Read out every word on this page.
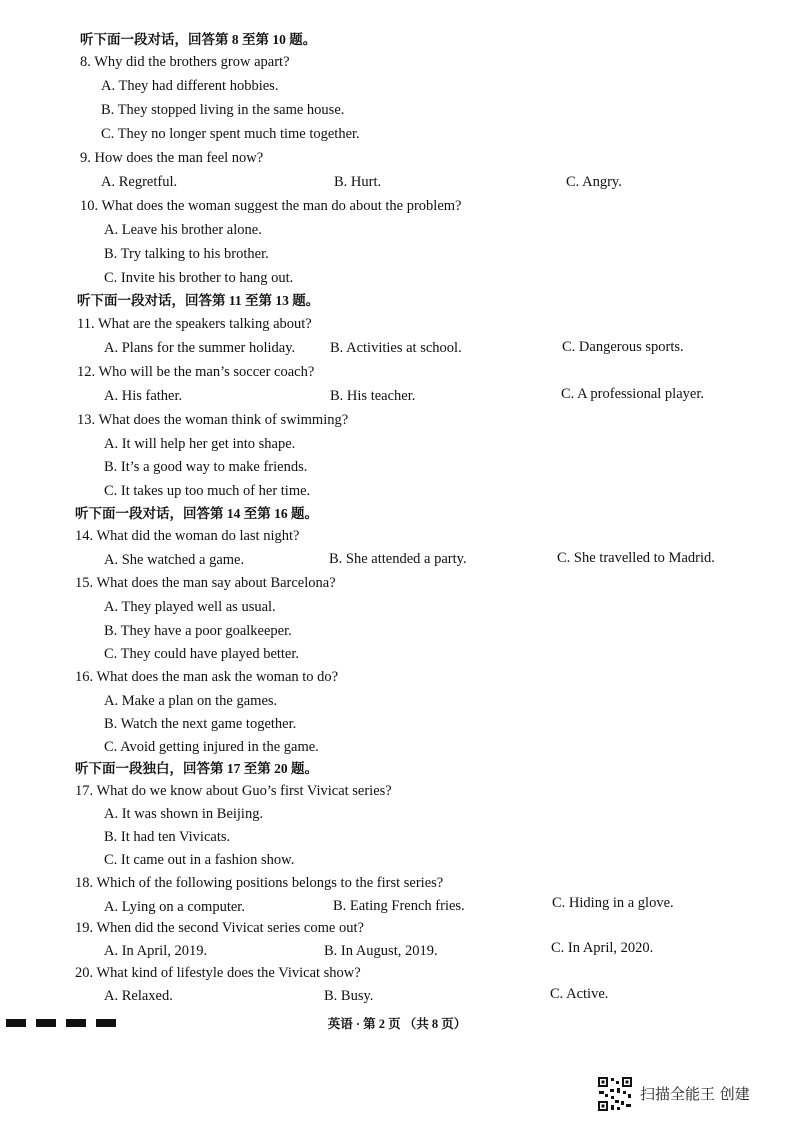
听下面一段对话，回答第 8 至第 10 题。
8. Why did the brothers grow apart?
A. They had different hobbies.
B. They stopped living in the same house.
C. They no longer spent much time together.
9. How does the man feel now?
A. Regretful.	B. Hurt.	C. Angry.
10. What does the woman suggest the man do about the problem?
A. Leave his brother alone.
B. Try talking to his brother.
C. Invite his brother to hang out.
听下面一段对话，回答第 11 至第 13 题。
11. What are the speakers talking about?
A. Plans for the summer holiday. B. Activities at school.	C. Dangerous sports.
12. Who will be the man’s soccer coach?
A. His father.	B. His teacher.	C. A professional player.
13. What does the woman think of swimming?
A. It will help her get into shape.
B. It’s a good way to make friends.
C. It takes up too much of her time.
听下面一段对话，回答第 14 至第 16 题。
14. What did the woman do last night?
A. She watched a game.	B. She attended a party.	C. She travelled to Madrid.
15. What does the man say about Barcelona?
A. They played well as usual.
B. They have a poor goalkeeper.
C. They could have played better.
16. What does the man ask the woman to do?
A. Make a plan on the games.
B. Watch the next game together.
C. Avoid getting injured in the game.
听下面一段独白，回答第 17 至第 20 题。
17. What do we know about Guo’s first Vivicat series?
A. It was shown in Beijing.
B. It had ten Vivicats.
C. It came out in a fashion show.
18. Which of the following positions belongs to the first series?
A. Lying on a computer.	B. Eating French fries.	C. Hiding in a glove.
19. When did the second Vivicat series come out?
A. In April, 2019.	B. In August, 2019.	C. In April, 2020.
20. What kind of lifestyle does the Vivicat show?
A. Relaxed.	B. Busy.	C. Active.
英语 · 第 2 页 （共 8 页）
扫描全能王 创建
